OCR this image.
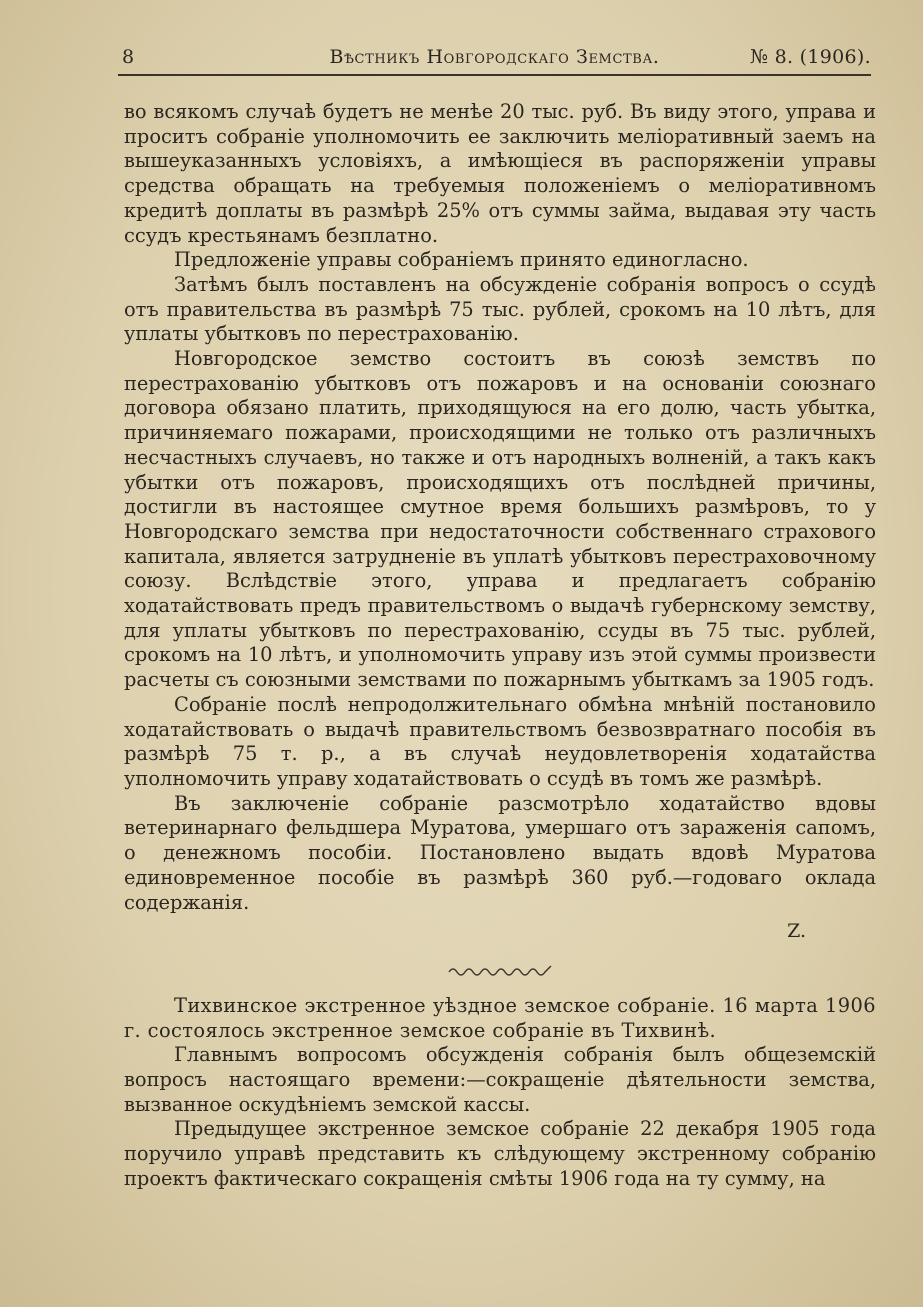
8	Вѣстникъ Новгородскаго Земства.	№ 8. (1906).

во всякомъ случаѣ будетъ не менѣе 20 тыс. руб. Въ виду этого, управа и проситъ собраніе уполномочить ее заключить меліоративный заемъ на вышеуказанныхъ условіяхъ, а имѣющіеся въ распоряженіи управы средства обращать на требуемыя положеніемъ о меліоративномъ кредитѣ доплаты въ размѣрѣ 25% отъ суммы займа, выдавая эту часть ссудъ крестьянамъ безплатно.

Предложеніе управы собраніемъ принято единогласно.

Затѣмъ былъ поставленъ на обсужденіе собранія вопросъ о ссудѣ отъ правительства въ размѣрѣ 75 тыс. рублей, срокомъ на 10 лѣтъ, для уплаты убытковъ по перестрахованію.

Новгородское земство состоитъ въ союзѣ земствъ по перестрахованію убытковъ отъ пожаровъ и на основаніи союзнаго договора обязано платить, приходящуюся на его долю, часть убытка, причиняемаго пожарами, происходящими не только отъ различныхъ несчастныхъ случаевъ, но также и отъ народныхъ волненій, а такъ какъ убытки отъ пожаровъ, происходящихъ отъ послѣдней причины, достигли въ настоящее смутное время большихъ размѣровъ, то у Новгородскаго земства при недостаточности собственнаго страхового капитала, является затрудненіе въ уплатѣ убытковъ перестраховочному союзу. Вслѣдствіе этого, управа и предлагаетъ собранію ходатайствовать предъ правительствомъ о выдачѣ губернскому земству, для уплаты убытковъ по перестрахованію, ссуды въ 75 тыс. рублей, срокомъ на 10 лѣтъ, и уполномочить управу изъ этой суммы произвести расчеты съ союзными земствами по пожарнымъ убыткамъ за 1905 годъ.

Собраніе послѣ непродолжительнаго обмѣна мнѣній постановило ходатайствовать о выдачѣ правительствомъ безвозвратнаго пособія въ размѣрѣ 75 т. р., а въ случаѣ неудовлетворенія ходатайства уполномочить управу ходатайствовать о ссудѣ въ томъ же размѣрѣ.

Въ заключеніе собраніе разсмотрѣло ходатайство вдовы ветеринарнаго фельдшера Муратова, умершаго отъ зараженія сапомъ, о денежномъ пособіи. Постановлено выдать вдовѣ Муратова единовременное пособіе въ размѣрѣ 360 руб.—годоваго оклада содержанія.

Z.

Тихвинское экстренное уѣздное земское собраніе. 16 марта 1906 г. состоялось экстренное земское собраніе въ Тихвинѣ.

Главнымъ вопросомъ обсужденія собранія былъ общеземскій вопросъ настоящаго времени:—сокращеніе дѣятельности земства, вызванное оскудѣніемъ земской кассы.

Предыдущее экстренное земское собраніе 22 декабря 1905 года поручило управѣ представить къ слѣдующему экстренному собранію проектъ фактическаго сокращенія смѣты 1906 года на ту сумму, на
